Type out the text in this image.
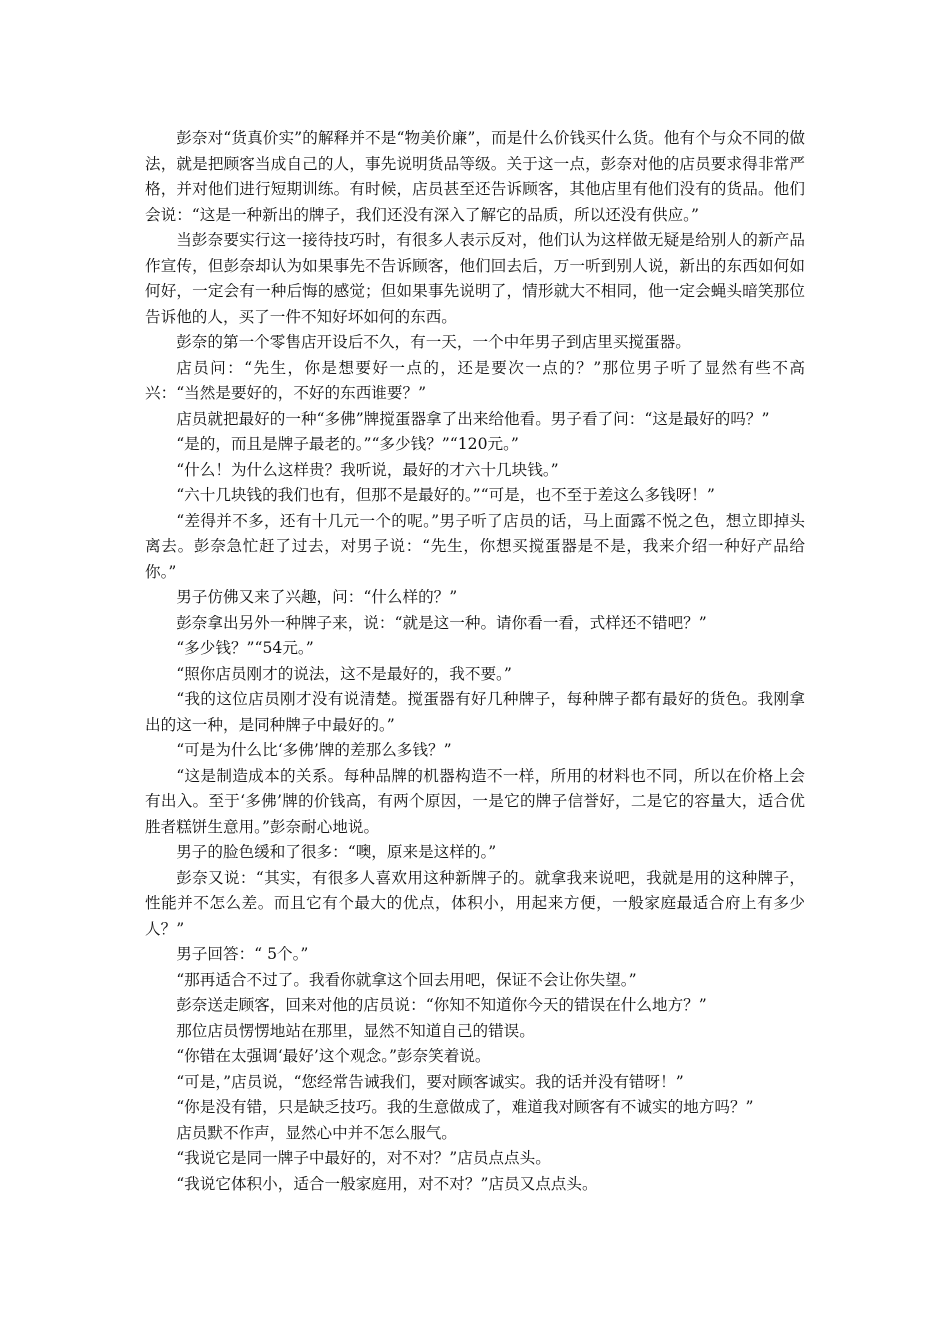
彭奈对“货真价实”的解释并不是“物美价廉”，而是什么价钱买什么货。他有个与众不同的做法，就是把顾客当成自己的人，事先说明货品等级。关于这一点，彭奈对他的店员要求得非常严格，并对他们进行短期训练。有时候，店员甚至还告诉顾客，其他店里有他们没有的货品。他们会说：“这是一种新出的牌子，我们还没有深入了解它的品质，所以还没有供应。”

当彭奈要实行这一接待技巧时，有很多人表示反对，他们认为这样做无疑是给别人的新产品作宣传，但彭奈却认为如果事先不告诉顾客，他们回去后，万一听到别人说，新出的东西如何如何好，一定会有一种后悔的感觉；但如果事先说明了，情形就大不相同，他一定会蝇头暗笑那位告诉他的人，买了一件不知好坏如何的东西。

彭奈的第一个零售店开设后不久，有一天，一个中年男子到店里买搅蛋器。

店员问：“先生，你是想要好一点的，还是要次一点的？”那位男子听了显然有些不高兴：“当然是要好的，不好的东西谁要？”

店员就把最好的一种“多佛”牌搅蛋器拿了出来给他看。男子看了问：“这是最好的吗？”

“是的，而且是牌子最老的。”“多少钱？”“120元。”

“什么！为什么这样贵？我听说，最好的才六十几块钱。”

“六十几块钱的我们也有，但那不是最好的。”“可是，也不至于差这么多钱呀！”

“差得并不多，还有十几元一个的呢。”男子听了店员的话，马上面露不悦之色，想立即掉头离去。彭奈急忙赶了过去，对男子说：“先生，你想买搅蛋器是不是，我来介绍一种好产品给你。”

男子仿佛又来了兴趣，问：“什么样的？”

彭奈拿出另外一种牌子来，说：“就是这一种。请你看一看，式样还不错吧？”

“多少钱？”“54元。”

“照你店员刚才的说法，这不是最好的，我不要。”

“我的这位店员刚才没有说清楚。搅蛋器有好几种牌子，每种牌子都有最好的货色。我刚拿出的这一种，是同种牌子中最好的。”

“可是为什么比‘多佛’牌的差那么多钱？”

“这是制造成本的关系。每种品牌的机器构造不一样，所用的材料也不同，所以在价格上会有出入。至于‘多佛’牌的价钱高，有两个原因，一是它的牌子信誉好，二是它的容量大，适合优胜者糕饼生意用。”彭奈耐心地说。

男子的脸色缓和了很多：“噢，原来是这样的。”

彭奈又说：“其实，有很多人喜欢用这种新牌子的。就拿我来说吧，我就是用的这种牌子，性能并不怎么差。而且它有个最大的优点，体积小，用起来方便，一般家庭最适合府上有多少人？”

男子回答：“ 5个。”

“那再适合不过了。我看你就拿这个回去用吧，保证不会让你失望。”

彭奈送走顾客，回来对他的店员说：“你知不知道你今天的错误在什么地方？”

那位店员愣愣地站在那里，显然不知道自己的错误。

“你错在太强调‘最好’这个观念。”彭奈笑着说。

“可是，”店员说，“您经常告诫我们，要对顾客诚实。我的话并没有错呀！”

“你是没有错，只是缺乏技巧。我的生意做成了，难道我对顾客有不诚实的地方吗？”

店员默不作声，显然心中并不怎么服气。

“我说它是同一牌子中最好的，对不对？”店员点点头。

“我说它体积小，适合一般家庭用，对不对？”店员又点点头。
